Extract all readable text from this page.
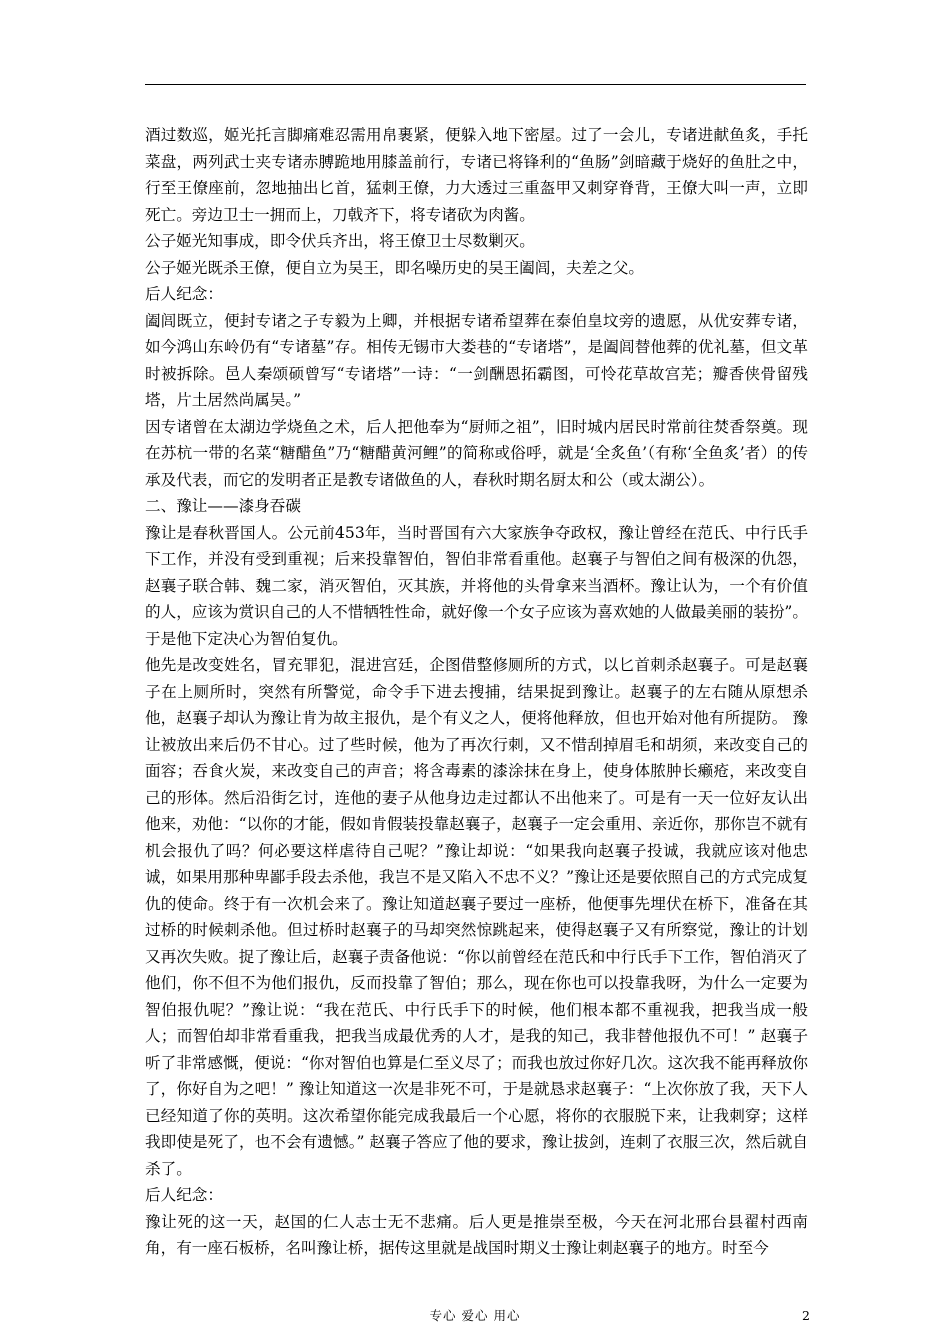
酒过数巡，姬光托言脚痛难忍需用帛裹紧，便躲入地下密屋。过了一会儿，专诸进献鱼炙，手托菜盘，两列武士夹专诸赤膊跪地用膝盖前行，专诸已将锋利的“鱼肠”剑暗藏于烧好的鱼肚之中，行至王僚座前，忽地抽出匕首，猛刺王僚，力大透过三重盔甲又刺穿脊背，王僚大叫一声，立即死亡。旁边卫士一拥而上，刀戟齐下，将专诸砍为肉酱。

公子姬光知事成，即令伏兵齐出，将王僚卫士尽数剿灭。

公子姬光既杀王僚，便自立为吴王，即名噪历史的吴王阖闾，夫差之父。

后人纪念：

阖闾既立，便封专诸之子专毅为上卿，并根据专诸希望葬在泰伯皇坟旁的遗愿，从优安葬专诸，如今鸿山东岭仍有“专诸墓”存。相传无锡市大娄巷的“专诸塔”，是阖闾替他葬的优礼墓，但文革时被拆除。邑人秦颂硕曾写“专诸塔”一诗：“一剑酬恩拓霸图，可怜花草故宫芜；瓣香侠骨留残塔，片土居然尚属吴。”

因专诸曾在太湖边学烧鱼之术，后人把他奉为“厨师之祖”，旧时城内居民时常前往焚香祭奠。现在苏杭一带的名菜“糖醋鱼”乃“糖醋黄河鲤”的简称或俗呼，就是‘全炙鱼’（有称‘全鱼炙’者）的传承及代表，而它的发明者正是教专诸做鱼的人，春秋时期名厨太和公（或太湖公）。

二、豫让——漆身吞碳

豫让是春秋晋国人。公元前453年，当时晋国有六大家族争夺政权，豫让曾经在范氏、中行氏手下工作，并没有受到重视；后来投靠智伯，智伯非常看重他。赵襄子与智伯之间有极深的仇怨，赵襄子联合韩、魏二家，消灭智伯，灭其族，并将他的头骨拿来当酒杯。豫让认为，一个有价值的人，应该为赏识自己的人不惜牺牲性命，就好像一个女子应该为喜欢她的人做最美丽的装扮”。于是他下定决心为智伯复仇。

他先是改变姓名，冒充罪犯，混进宫廷，企图借整修厕所的方式，以匕首刺杀赵襄子。可是赵襄子在上厕所时，突然有所警觉，命令手下进去搜捕，结果捉到豫让。赵襄子的左右随从原想杀他，赵襄子却认为豫让肯为故主报仇，是个有义之人，便将他释放，但也开始对他有所提防。 豫让被放出来后仍不甘心。过了些时候，他为了再次行刺，又不惜刮掉眉毛和胡须，来改变自己的面容；吞食火炭，来改变自己的声音；将含毒素的漆涂抹在身上，使身体脓肿长癞疮，来改变自己的形体。然后沿街乞讨，连他的妻子从他身边走过都认不出他来了。可是有一天一位好友认出他来，劝他：“以你的才能，假如肯假装投靠赵襄子，赵襄子一定会重用、亲近你，那你岂不就有机会报仇了吗？何必要这样虐待自己呢？”豫让却说：“如果我向赵襄子投诚，我就应该对他忠诚，如果用那种卑鄙手段去杀他，我岂不是又陷入不忠不义？”豫让还是要依照自己的方式完成复仇的使命。终于有一次机会来了。豫让知道赵襄子要过一座桥，他便事先埋伏在桥下，准备在其过桥的时候刺杀他。但过桥时赵襄子的马却突然惊跳起来，使得赵襄子又有所察觉，豫让的计划又再次失败。捉了豫让后，赵襄子责备他说：“你以前曾经在范氏和中行氏手下工作，智伯消灭了他们，你不但不为他们报仇，反而投靠了智伯；那么，现在你也可以投靠我呀，为什么一定要为智伯报仇呢？”豫让说：“我在范氏、中行氏手下的时候，他们根本都不重视我，把我当成一般人；而智伯却非常看重我，把我当成最优秀的人才，是我的知己，我非替他报仇不可！” 赵襄子听了非常感慨，便说：“你对智伯也算是仁至义尽了；而我也放过你好几次。这次我不能再释放你了，你好自为之吧！” 豫让知道这一次是非死不可，于是就恳求赵襄子：“上次你放了我，天下人已经知道了你的英明。这次希望你能完成我最后一个心愿，将你的衣服脱下来，让我刺穿；这样我即使是死了，也不会有遗憾。” 赵襄子答应了他的要求，豫让拔剑，连刺了衣服三次，然后就自杀了。

后人纪念：

豫让死的这一天，赵国的仁人志士无不悲痛。后人更是推崇至极，今天在河北邢台县翟村西南角，有一座石板桥，名叫豫让桥，据传这里就是战国时期义士豫让刺赵襄子的地方。时至今

专心 爱心 用心	2
